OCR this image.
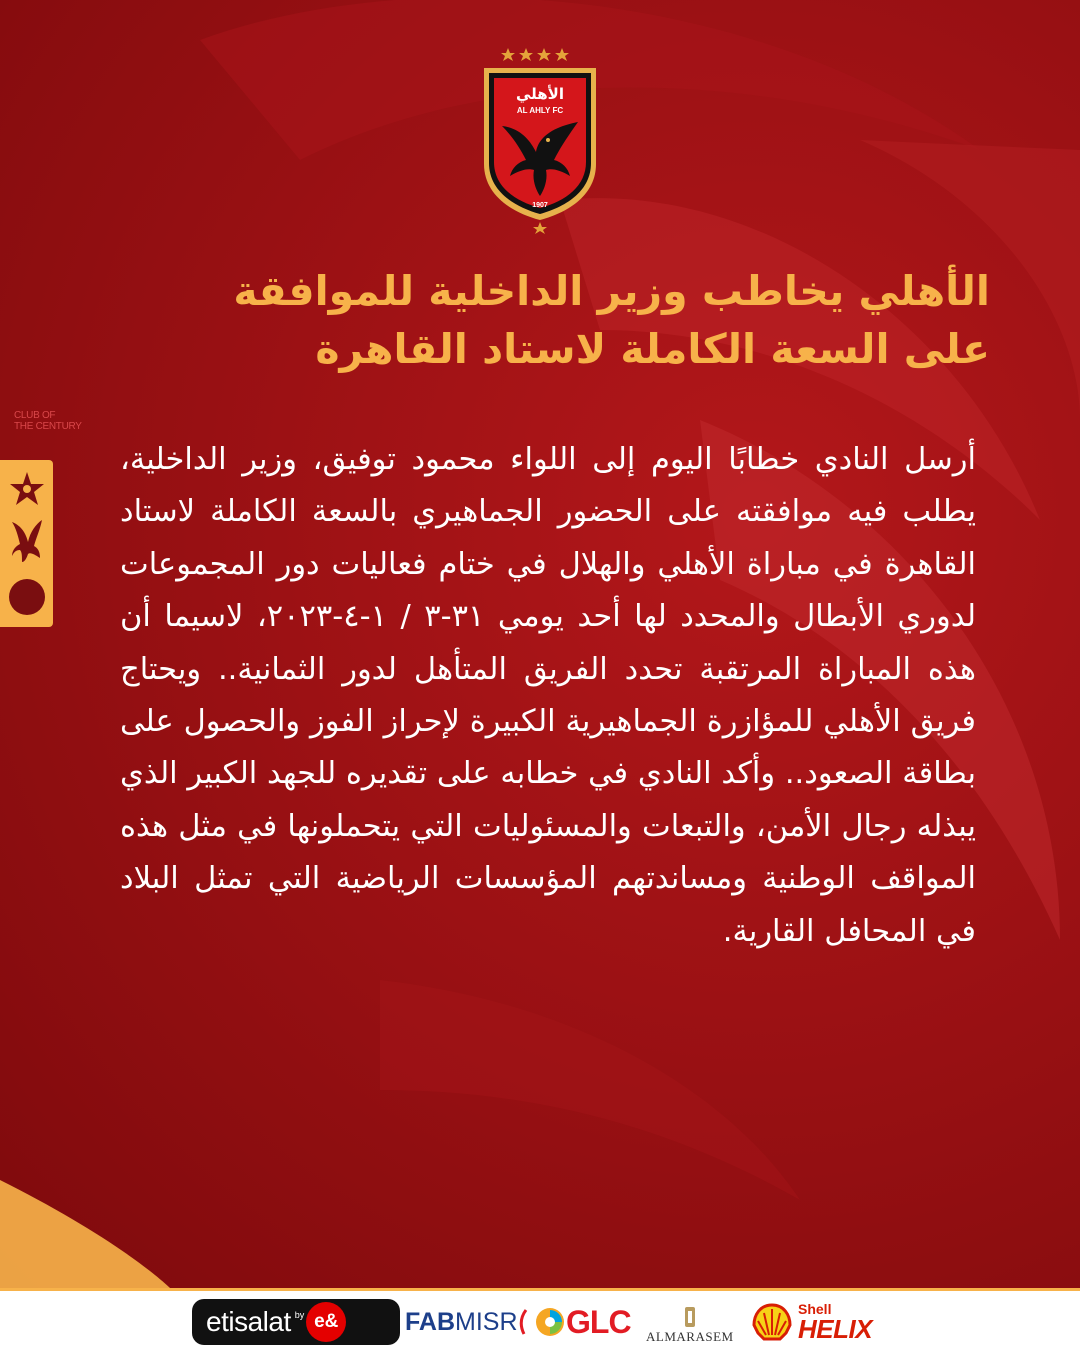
الأهلي
AL AHLY FC
1907
الأهلي يخاطب وزير الداخلية للموافقة
على السعة الكاملة لاستاد القاهرة
CLUB OF
THE CENTURY
أرسل النادي خطابًا اليوم إلى اللواء محمود توفيق، وزير الداخلية، يطلب فيه موافقته على الحضور الجماهيري بالسعة الكاملة لاستاد القاهرة في مباراة الأهلي والهلال في ختام فعاليات دور المجموعات لدوري الأبطال والمحدد لها أحد يومي ٣١-٣ / ١-٤-٢٠٢٣، لاسيما أن هذه المباراة المرتقبة تحدد الفريق المتأهل لدور الثمانية.. ويحتاج فريق الأهلي للمؤازرة الجماهيرية الكبيرة لإحراز الفوز والحصول على بطاقة الصعود.. وأكد النادي في خطابه على تقديره للجهد الكبير الذي يبذله رجال الأمن، والتبعات والمسئوليات التي يتحملونها في مثل هذه المواقف الوطنية ومساندتهم المؤسسات الرياضية التي تمثل البلاد في المحافل القارية.
etisalat by e&	FAB MISR GLC ALMARASEM
Shell
HELIX
